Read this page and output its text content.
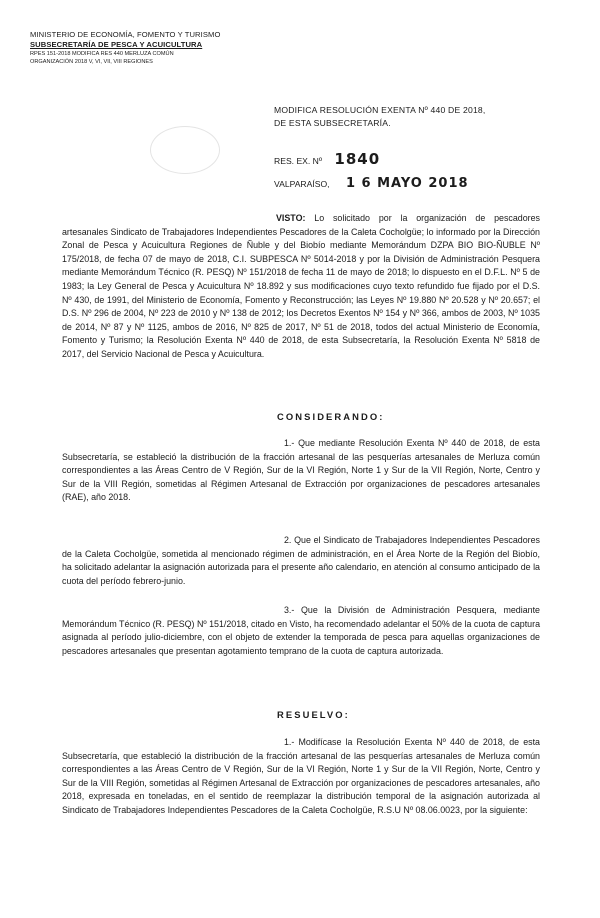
MINISTERIO DE ECONOMÍA, FOMENTO Y TURISMO
SUBSECRETARÍA DE PESCA Y ACUICULTURA
RPES 151-2018 MODIFICA RES 440 MERLUZA COMÚN
ORGANIZACIÓN 2018 V, VI, VII, VIII REGIONES
MODIFICA RESOLUCIÓN EXENTA Nº 440 DE 2018,
DE ESTA SUBSECRETARÍA.
RES. EX. Nº 1840
VALPARAÍSO, 1 6 MAYO 2018
VISTO: Lo solicitado por la organización de pescadores artesanales Sindicato de Trabajadores Independientes Pescadores de la Caleta Cocholgüe; lo informado por la Dirección Zonal de Pesca y Acuicultura Regiones de Ñuble y del Biobío mediante Memorándum DZPA BIO BIO-ÑUBLE Nº 175/2018, de fecha 07 de mayo de 2018, C.I. SUBPESCA Nº 5014-2018 y por la División de Administración Pesquera mediante Memorándum Técnico (R. PESQ) Nº 151/2018 de fecha 11 de mayo de 2018; lo dispuesto en el D.F.L. Nº 5 de 1983; la Ley General de Pesca y Acuicultura Nº 18.892 y sus modificaciones cuyo texto refundido fue fijado por el D.S. Nº 430, de 1991, del Ministerio de Economía, Fomento y Reconstrucción; las Leyes Nº 19.880 Nº 20.528 y Nº 20.657; el D.S. Nº 296 de 2004, Nº 223 de 2010 y Nº 138 de 2012; los Decretos Exentos Nº 154 y Nº 366, ambos de 2003, Nº 1035 de 2014, Nº 87 y Nº 1125, ambos de 2016, Nº 825 de 2017, Nº 51 de 2018, todos del actual Ministerio de Economía, Fomento y Turismo; la Resolución Exenta Nº 440 de 2018, de esta Subsecretaría, la Resolución Exenta Nº 5818 de 2017, del Servicio Nacional de Pesca y Acuicultura.
CONSIDERANDO:
1.- Que mediante Resolución Exenta Nº 440 de 2018, de esta Subsecretaría, se estableció la distribución de la fracción artesanal de las pesquerías artesanales de Merluza común correspondientes a las Áreas Centro de V Región, Sur de la VI Región, Norte 1 y Sur de la VII Región, Norte, Centro y Sur de la VIII Región, sometidas al Régimen Artesanal de Extracción por organizaciones de pescadores artesanales (RAE), año 2018.
2. Que el Sindicato de Trabajadores Independientes Pescadores de la Caleta Cocholgüe, sometida al mencionado régimen de administración, en el Área Norte de la Región del Biobío, ha solicitado adelantar la asignación autorizada para el presente año calendario, en atención al consumo anticipado de la cuota del período febrero-junio.
3.- Que la División de Administración Pesquera, mediante Memorándum Técnico (R. PESQ) Nº 151/2018, citado en Visto, ha recomendado adelantar el 50% de la cuota de captura asignada al período julio-diciembre, con el objeto de extender la temporada de pesca para aquellas organizaciones de pescadores artesanales que presentan agotamiento temprano de la cuota de captura autorizada.
RESUELVO:
1.- Modifícase la Resolución Exenta Nº 440 de 2018, de esta Subsecretaría, que estableció la distribución de la fracción artesanal de las pesquerías artesanales de Merluza común correspondientes a las Áreas Centro de V Región, Sur de la VI Región, Norte 1 y Sur de la VII Región, Norte, Centro y Sur de la VIII Región, sometidas al Régimen Artesanal de Extracción por organizaciones de pescadores artesanales, año 2018, expresada en toneladas, en el sentido de reemplazar la distribución temporal de la asignación autorizada al Sindicato de Trabajadores Independientes Pescadores de la Caleta Cocholgüe, R.S.U Nº 08.06.0023, por la siguiente:
